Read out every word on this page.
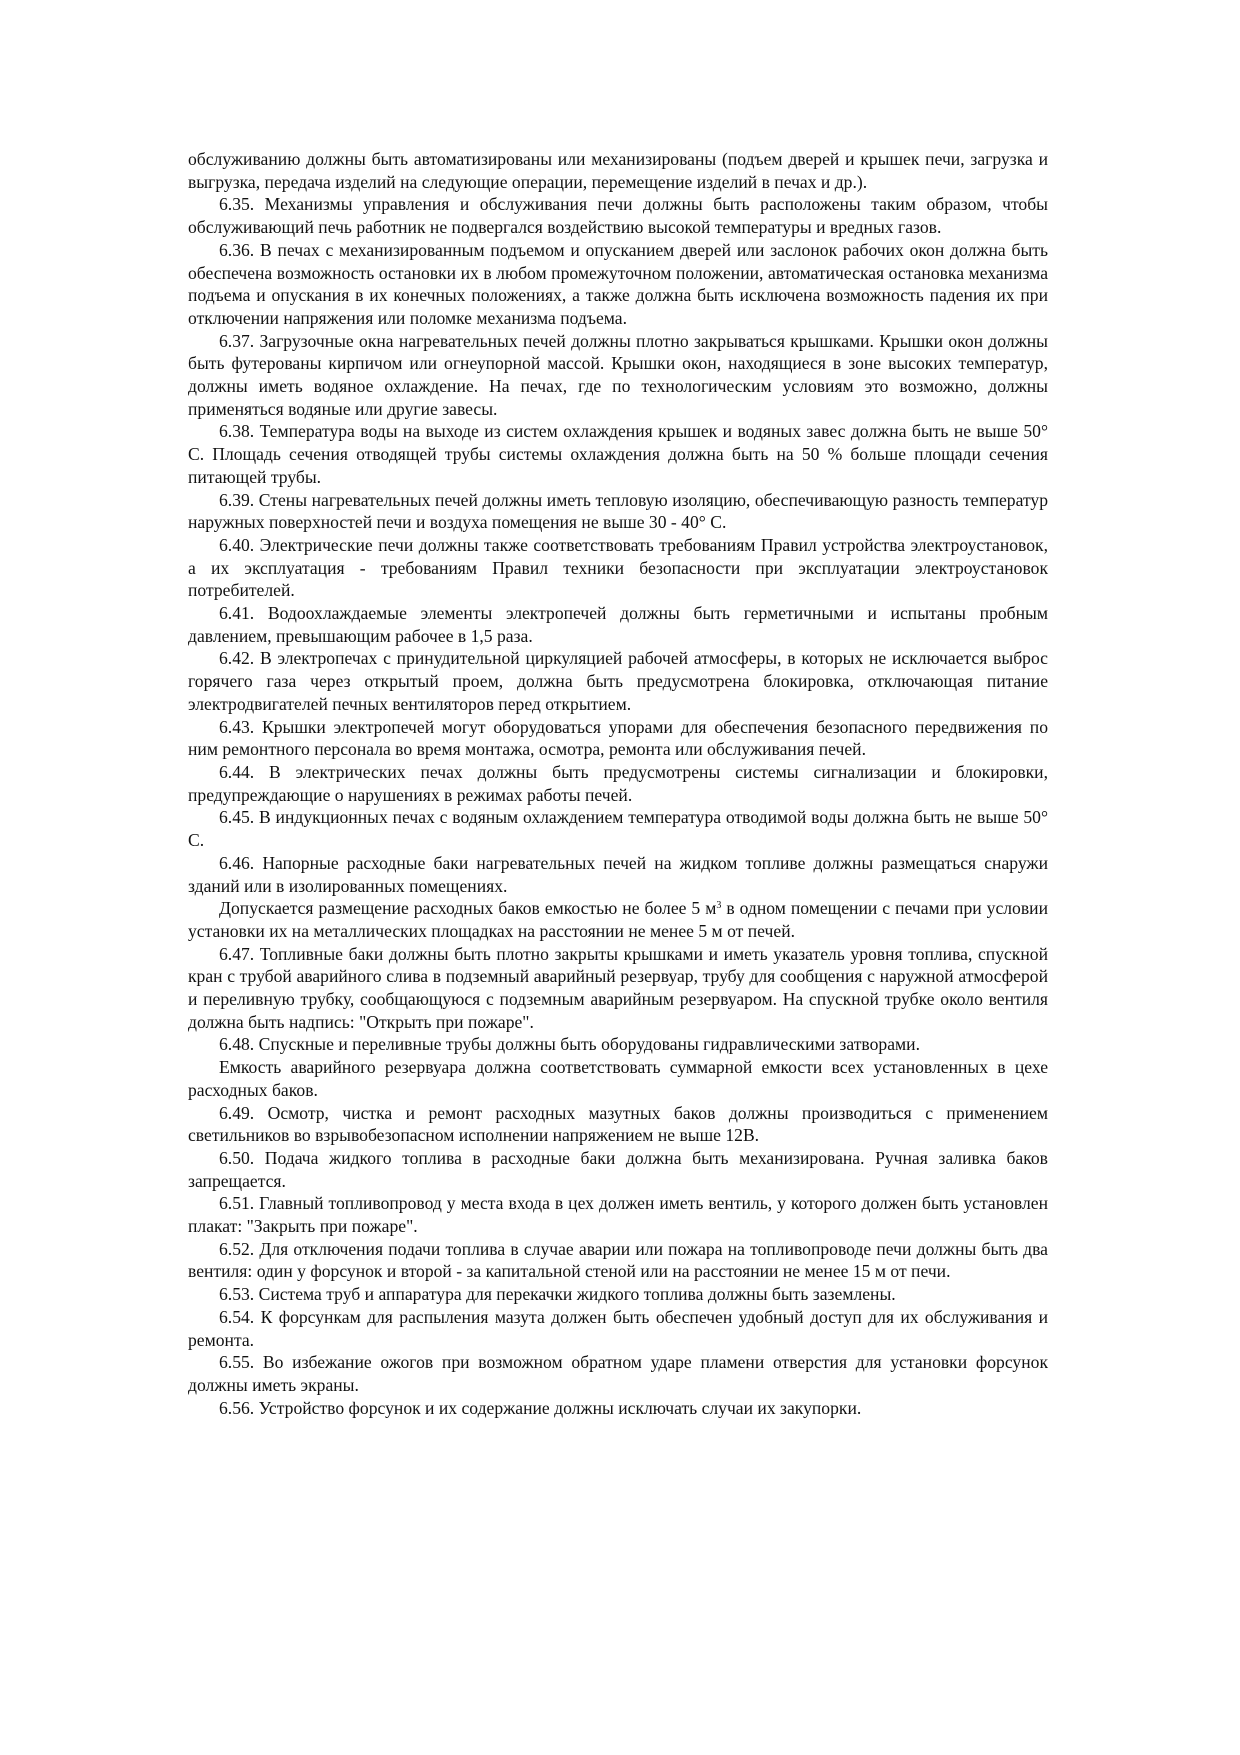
обслуживанию должны быть автоматизированы или механизированы (подъем дверей и крышек печи, загрузка и выгрузка, передача изделий на следующие операции, перемещение изделий в печах и др.).

6.35. Механизмы управления и обслуживания печи должны быть расположены таким образом, чтобы обслуживающий печь работник не подвергался воздействию высокой температуры и вредных газов.

6.36. В печах с механизированным подъемом и опусканием дверей или заслонок рабочих окон должна быть обеспечена возможность остановки их в любом промежуточном положении, автоматическая остановка механизма подъема и опускания в их конечных положениях, а также должна быть исключена возможность падения их при отключении напряжения или поломке механизма подъема.

6.37. Загрузочные окна нагревательных печей должны плотно закрываться крышками. Крышки окон должны быть футерованы кирпичом или огнеупорной массой. Крышки окон, находящиеся в зоне высоких температур, должны иметь водяное охлаждение. На печах, где по технологическим условиям это возможно, должны применяться водяные или другие завесы.

6.38. Температура воды на выходе из систем охлаждения крышек и водяных завес должна быть не выше 50° С. Площадь сечения отводящей трубы системы охлаждения должна быть на 50 % больше площади сечения питающей трубы.

6.39. Стены нагревательных печей должны иметь тепловую изоляцию, обеспечивающую разность температур наружных поверхностей печи и воздуха помещения не выше 30 - 40° С.

6.40. Электрические печи должны также соответствовать требованиям Правил устройства электроустановок, а их эксплуатация - требованиям Правил техники безопасности при эксплуатации электроустановок потребителей.

6.41. Водоохлаждаемые элементы электропечей должны быть герметичными и испытаны пробным давлением, превышающим рабочее в 1,5 раза.

6.42. В электропечах с принудительной циркуляцией рабочей атмосферы, в которых не исключается выброс горячего газа через открытый проем, должна быть предусмотрена блокировка, отключающая питание электродвигателей печных вентиляторов перед открытием.

6.43. Крышки электропечей могут оборудоваться упорами для обеспечения безопасного передвижения по ним ремонтного персонала во время монтажа, осмотра, ремонта или обслуживания печей.

6.44. В электрических печах должны быть предусмотрены системы сигнализации и блокировки, предупреждающие о нарушениях в режимах работы печей.

6.45. В индукционных печах с водяным охлаждением температура отводимой воды должна быть не выше 50° С.

6.46. Напорные расходные баки нагревательных печей на жидком топливе должны размещаться снаружи зданий или в изолированных помещениях.

Допускается размещение расходных баков емкостью не более 5 $м^3$ в одном помещении с печами при условии установки их на металлических площадках на расстоянии не менее 5 м от печей.

6.47. Топливные баки должны быть плотно закрыты крышками и иметь указатель уровня топлива, спускной кран с трубой аварийного слива в подземный аварийный резервуар, трубу для сообщения с наружной атмосферой и переливную трубку, сообщающуюся с подземным аварийным резервуаром. На спускной трубке около вентиля должна быть надпись: "Открыть при пожаре".

6.48. Спускные и переливные трубы должны быть оборудованы гидравлическими затворами.

Емкость аварийного резервуара должна соответствовать суммарной емкости всех установленных в цехе расходных баков.

6.49. Осмотр, чистка и ремонт расходных мазутных баков должны производиться с применением светильников во взрывобезопасном исполнении напряжением не выше 12В.

6.50. Подача жидкого топлива в расходные баки должна быть механизирована. Ручная заливка баков запрещается.

6.51. Главный топливопровод у места входа в цех должен иметь вентиль, у которого должен быть установлен плакат: "Закрыть при пожаре".

6.52. Для отключения подачи топлива в случае аварии или пожара на топливопроводе печи должны быть два вентиля: один у форсунок и второй - за капитальной стеной или на расстоянии не менее 15 м от печи.

6.53. Система труб и аппаратура для перекачки жидкого топлива должны быть заземлены.

6.54. К форсункам для распыления мазута должен быть обеспечен удобный доступ для их обслуживания и ремонта.

6.55. Во избежание ожогов при возможном обратном ударе пламени отверстия для установки форсунок должны иметь экраны.

6.56. Устройство форсунок и их содержание должны исключать случаи их закупорки.
